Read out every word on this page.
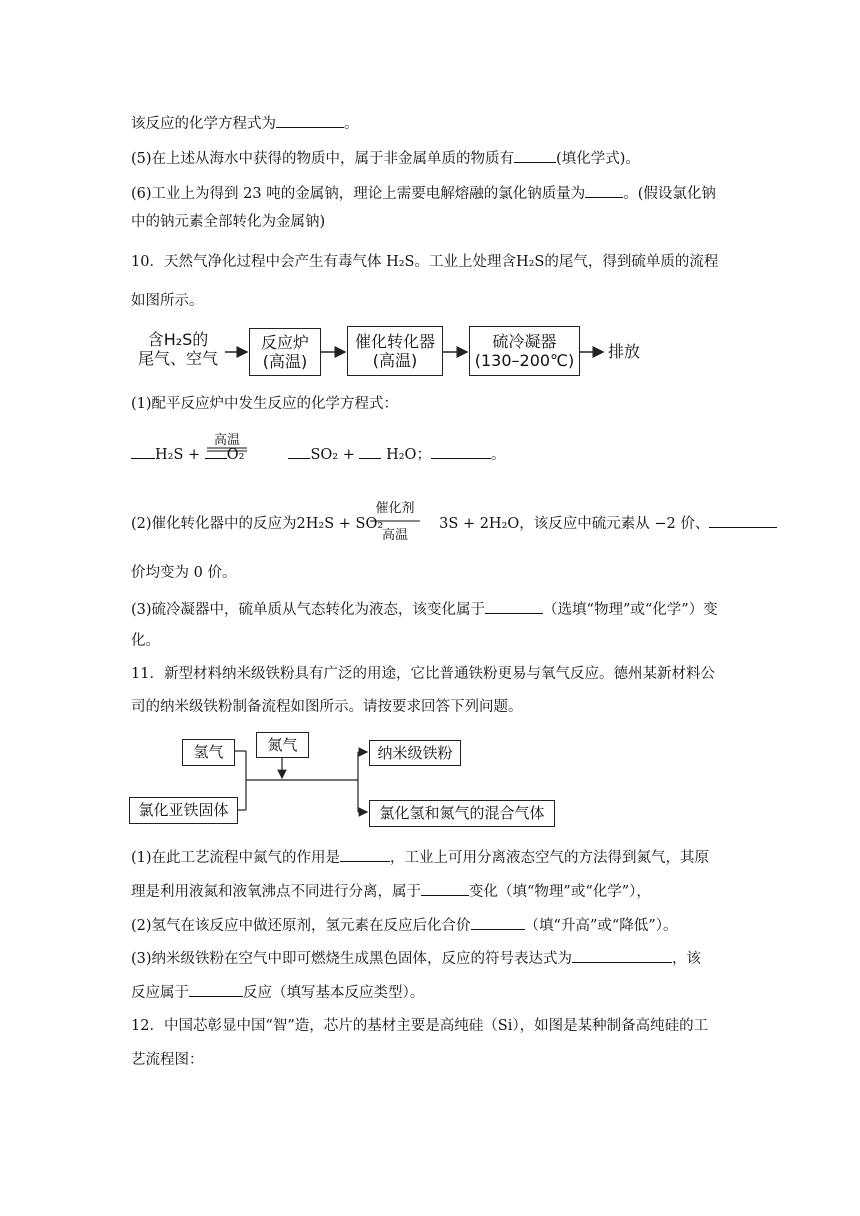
该反应的化学方程式为	。
(5)在上述从海水中获得的物质中，属于非金属单质的物质有	(填化学式)。
(6)工业上为得到 23 吨的金属钠，理论上需要电解熔融的氯化钠质量为	。(假设氯化钠
中的钠元素全部转化为金属钠)
10．天然气净化过程中会产生有毒气体 H₂S。工业上处理含H₂S的尾气，得到硫单质的流程
如图所示。
含H₂S的
尾气、空气
反应炉
(高温)
催化转化器
(高温)
硫冷凝器
(130–200℃) 排放
(1)配平反应炉中发生反应的化学方程式：
高温
H₂S + O₂	SO₂ + H₂O；	。
(2)催化转化器中的反应为2H₂S + SO₂	3S + 2H₂O，该反应中硫元素从 −2 价、
催化剂
高温
价均变为 0 价。
(3)硫冷凝器中，硫单质从气态转化为液态，该变化属于	（选填“物理”或“化学”）变
化。
11．新型材料纳米级铁粉具有广泛的用途，它比普通铁粉更易与氧气反应。德州某新材料公
司的纳米级铁粉制备流程如图所示。请按要求回答下列问题。
氢气	氮气
氯化亚铁固体
纳米级铁粉
氯化氢和氮气的混合气体
(1)在此工艺流程中氮气的作用是	，工业上可用分离液态空气的方法得到氮气，其原
理是利用液氮和液氧沸点不同进行分离，属于	变化（填“物理”或“化学”），
(2)氢气在该反应中做还原剂，氢元素在反应后化合价	（填“升高”或“降低”）。
(3)纳米级铁粉在空气中即可燃烧生成黑色固体，反应的符号表达式为	，该
反应属于	反应（填写基本反应类型）。
12．中国芯彰显中国“智”造，芯片的基材主要是高纯硅（Si），如图是某种制备高纯硅的工
艺流程图：
